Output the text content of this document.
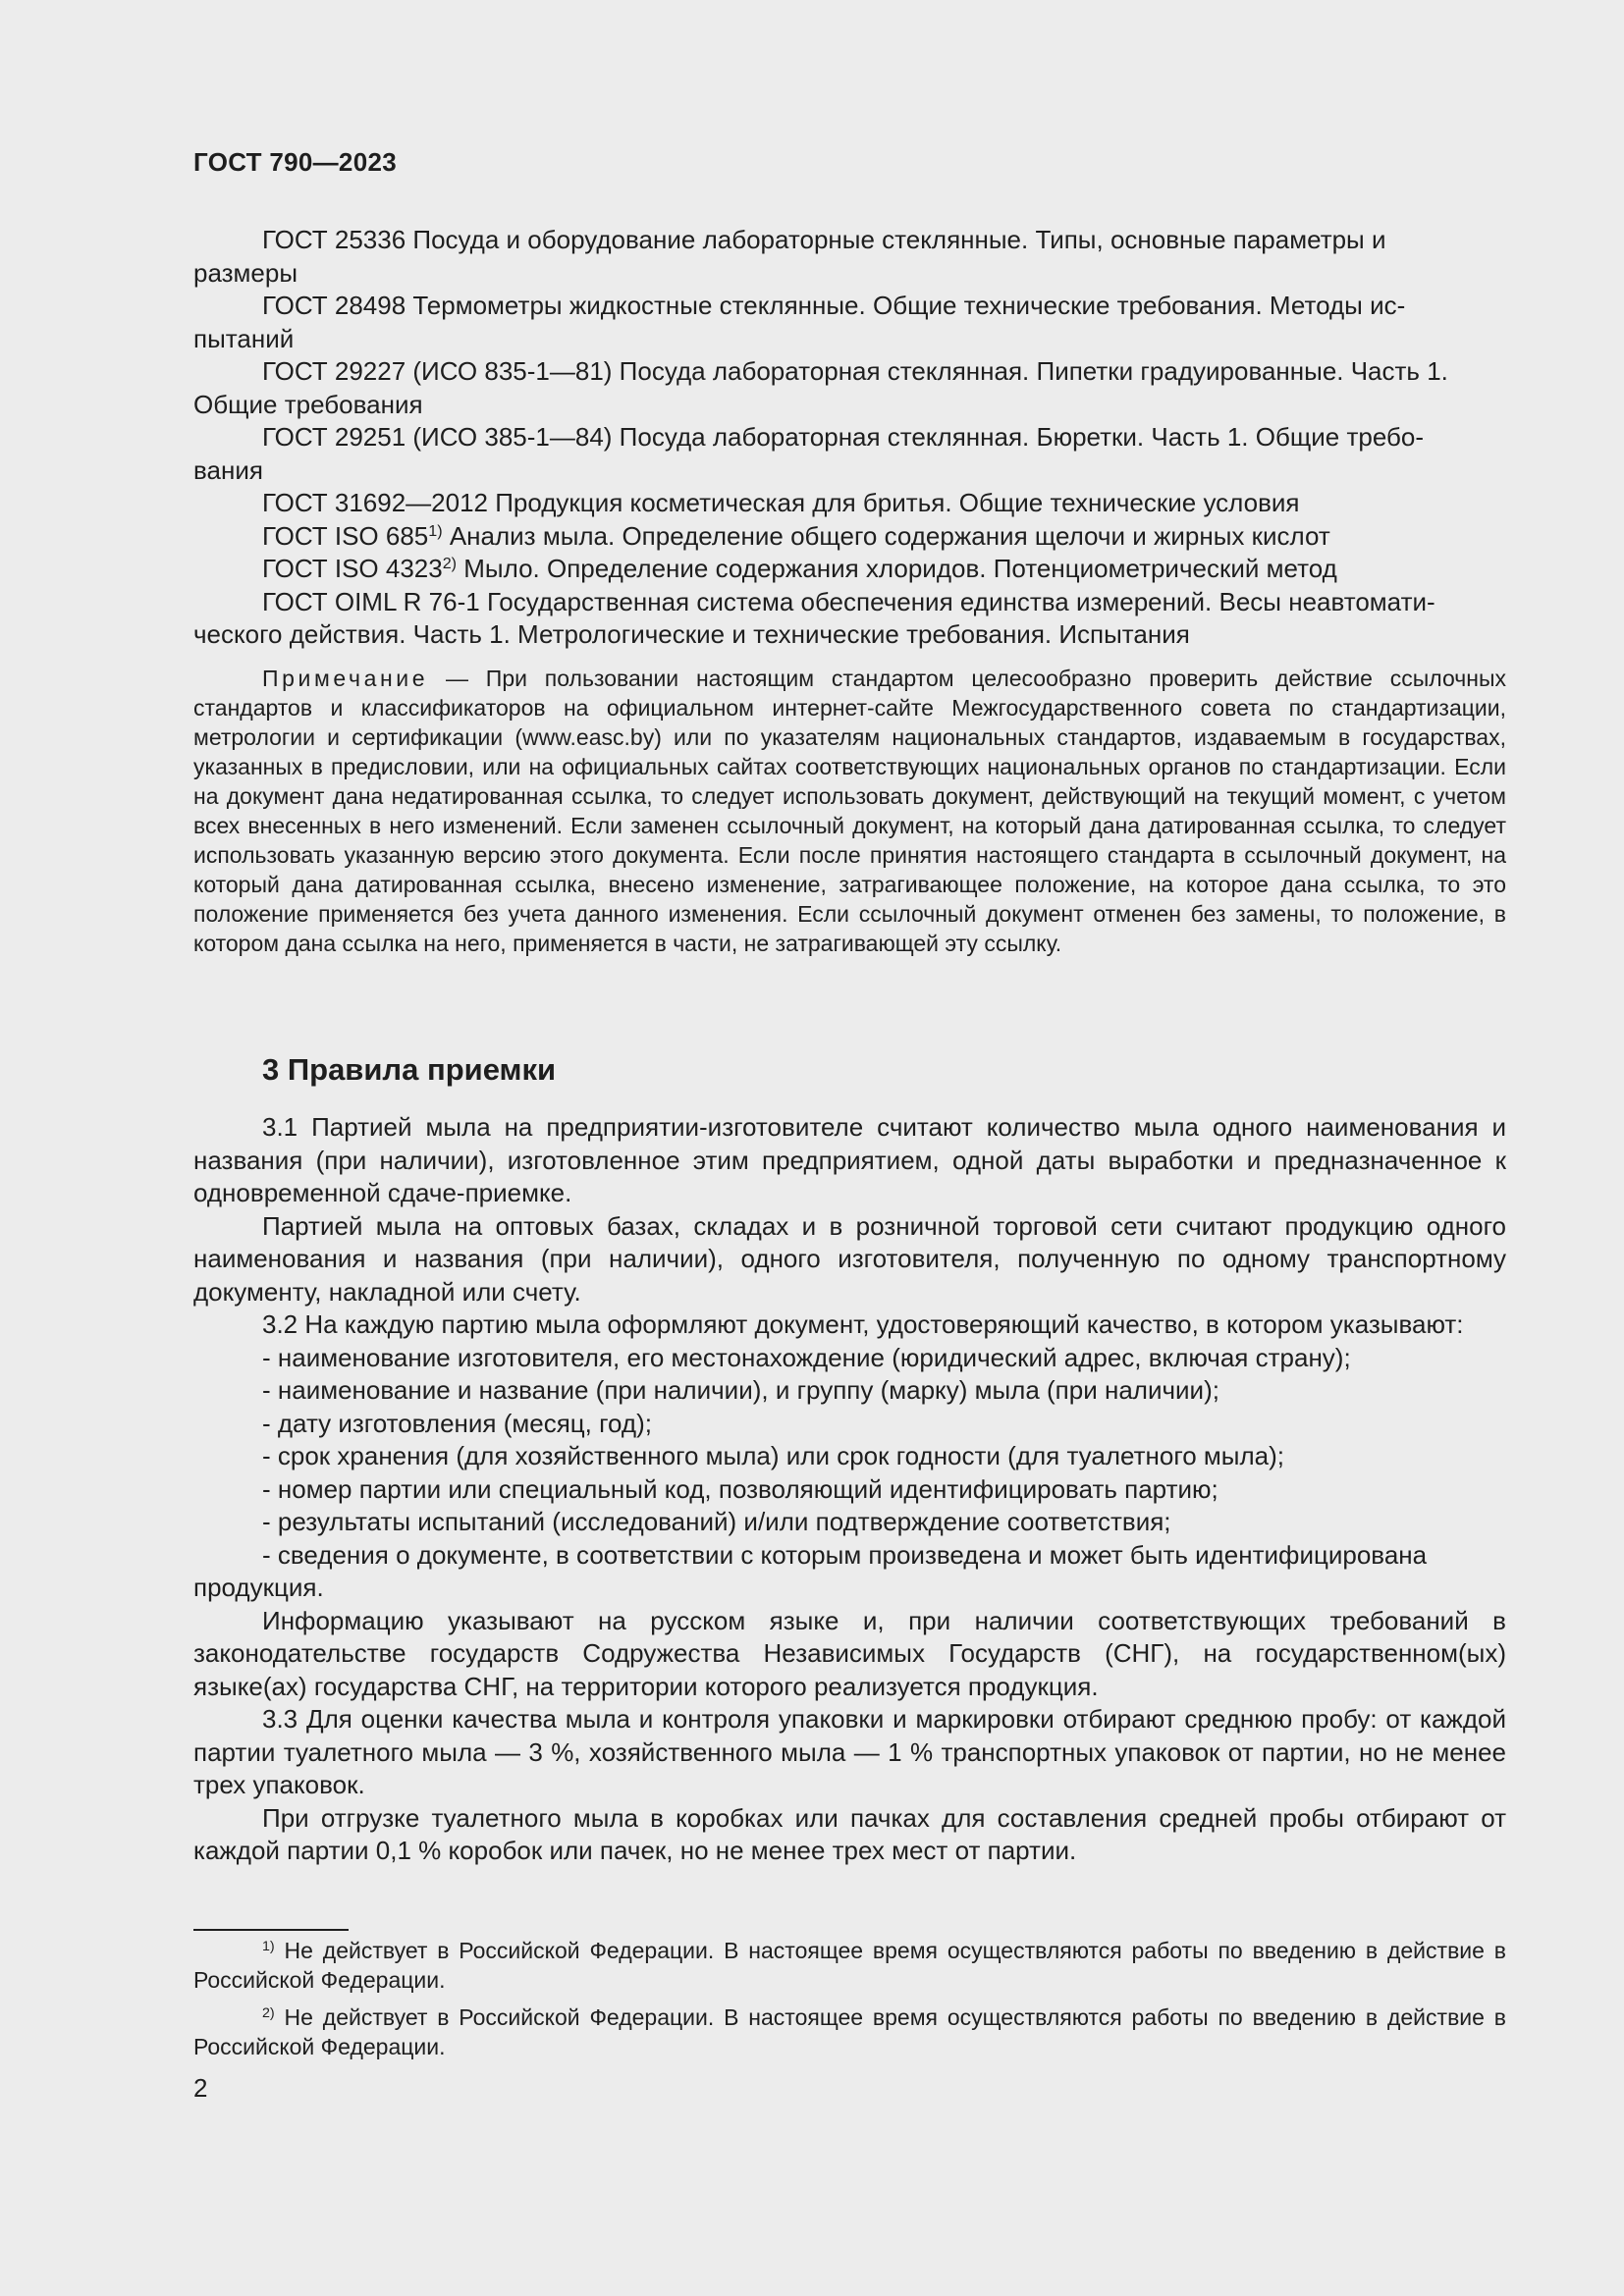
ГОСТ 790—2023

ГОСТ 25336 Посуда и оборудование лабораторные стеклянные. Типы, основные параметры и
размеры

ГОСТ 28498 Термометры жидкостные стеклянные. Общие технические требования. Методы ис-
пытаний

ГОСТ 29227 (ИСО 835-1—81) Посуда лабораторная стеклянная. Пипетки градуированные. Часть 1.
Общие требования

ГОСТ 29251 (ИСО 385-1—84) Посуда лабораторная стеклянная. Бюретки. Часть 1. Общие требо-
вания

ГОСТ 31692—2012 Продукция косметическая для бритья. Общие технические условия

ГОСТ ISO 685$^{1)}$ Анализ мыла. Определение общего содержания щелочи и жирных кислот

ГОСТ ISO 4323$^{2)}$ Мыло. Определение содержания хлоридов. Потенциометрический метод

ГОСТ OIML R 76-1 Государственная система обеспечения единства измерений. Весы неавтомати-
ческого действия. Часть 1. Метрологические и технические требования. Испытания

Примечание — При пользовании настоящим стандартом целесообразно проверить действие ссылочных стандартов и классификаторов на официальном интернет-сайте Межгосударственного совета по стандартизации, метрологии и сертификации (www.easc.by) или по указателям национальных стандартов, издаваемым в государствах, указанных в предисловии, или на официальных сайтах соответствующих национальных органов по стандартизации. Если на документ дана недатированная ссылка, то следует использовать документ, действующий на текущий момент, с учетом всех внесенных в него изменений. Если заменен ссылочный документ, на который дана датированная ссылка, то следует использовать указанную версию этого документа. Если после принятия настоящего стандарта в ссылочный документ, на который дана датированная ссылка, внесено изменение, затрагивающее положение, на которое дана ссылка, то это положение применяется без учета данного изменения. Если ссылочный документ отменен без замены, то положение, в котором дана ссылка на него, применяется в части, не затрагивающей эту ссылку.

3 Правила приемки

3.1 Партией мыла на предприятии-изготовителе считают количество мыла одного наименования и названия (при наличии), изготовленное этим предприятием, одной даты выработки и предназначенное к одновременной сдаче-приемке.

Партией мыла на оптовых базах, складах и в розничной торговой сети считают продукцию одного наименования и названия (при наличии), одного изготовителя, полученную по одному транспортному документу, накладной или счету.

3.2 На каждую партию мыла оформляют документ, удостоверяющий качество, в котором указывают:

- наименование изготовителя, его местонахождение (юридический адрес, включая страну);

- наименование и название (при наличии), и группу (марку) мыла (при наличии);

- дату изготовления (месяц, год);

- срок хранения (для хозяйственного мыла) или срок годности (для туалетного мыла);

- номер партии или специальный код, позволяющий идентифицировать партию;

- результаты испытаний (исследований) и/или подтверждение соответствия;

- сведения о документе, в соответствии с которым произведена и может быть идентифицирована
продукция.

Информацию указывают на русском языке и, при наличии соответствующих требований в законодательстве государств Содружества Независимых Государств (СНГ), на государственном(ых) языке(ах) государства СНГ, на территории которого реализуется продукция.

3.3 Для оценки качества мыла и контроля упаковки и маркировки отбирают среднюю пробу: от каждой партии туалетного мыла — 3 %, хозяйственного мыла — 1 % транспортных упаковок от партии, но не менее трех упаковок.

При отгрузке туалетного мыла в коробках или пачках для составления средней пробы отбирают от каждой партии 0,1 % коробок или пачек, но не менее трех мест от партии.

$^{1)}$ Не действует в Российской Федерации. В настоящее время осуществляются работы по введению в действие в Российской Федерации.

$^{2)}$ Не действует в Российской Федерации. В настоящее время осуществляются работы по введению в действие в Российской Федерации.

2
